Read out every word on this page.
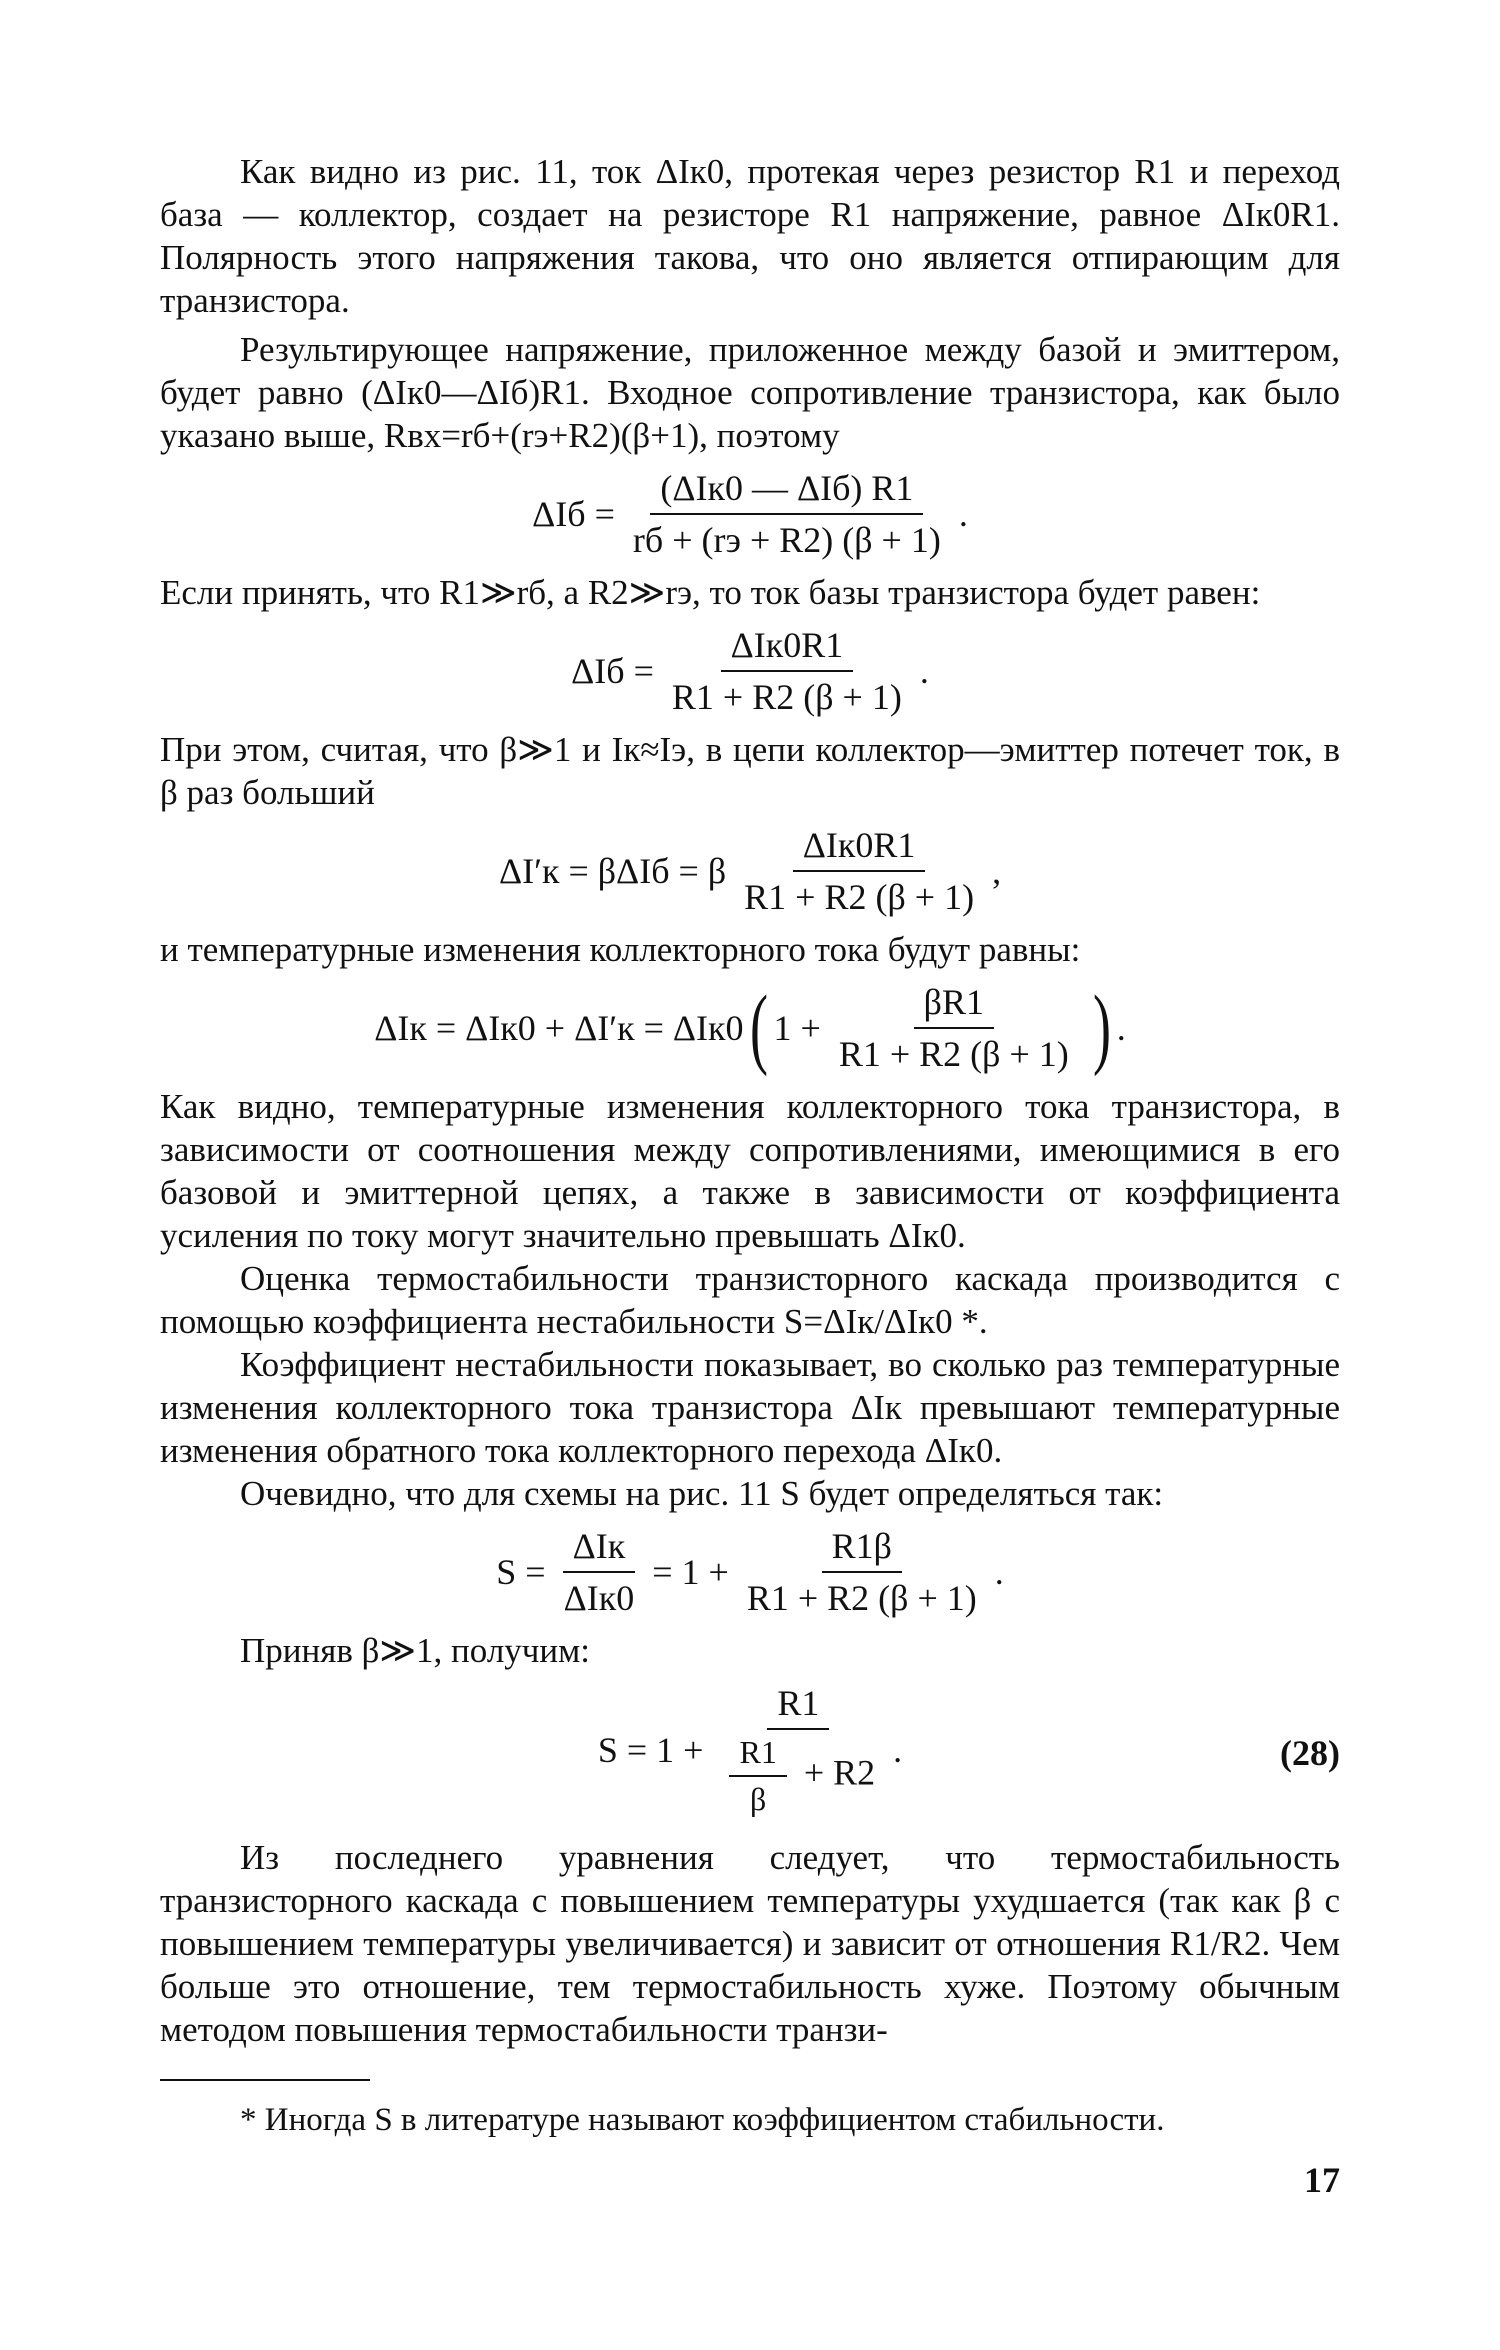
Как видно из рис. 11, ток ΔIк0, протекая через резистор R1 и переход база — коллектор, создает на резисторе R1 напряжение, равное ΔIк0R1. Полярность этого напряжения такова, что оно является отпирающим для транзистора.

Результирующее напряжение, приложенное между базой и эмиттером, будет равно (ΔIк0—ΔIб)R1. Входное сопротивление транзистора, как было указано выше, Rвх=rб+(rэ+R2)(β+1), поэтому

$\Delta Iб = \frac{\text{(ΔIк0 — ΔIб) R1}}{rб + (rэ + R2) (\beta + 1)}$ .

Если принять, что R1≫rб, а R2≫rэ, то ток базы транзистора будет равен:

$\Delta Iб = \frac{\text{ΔIк0R1}}{R1 + R2 (\beta + 1)}$ .

При этом, считая, что β≫1 и Iк≈Iэ, в цепи коллектор—эмиттер потечет ток, в β раз больший

ΔI′к = βΔIб = β $\frac{\text{ΔIк0R1}}{R1 + R2 (\beta + 1)}$ ,

и температурные изменения коллекторного тока будут равны:

ΔIк = ΔIк0 + ΔI′к = ΔIк0 ( $1 + \frac{\beta R1}{R1 + R2 (\beta + 1)}$ ) .

Как видно, температурные изменения коллекторного тока транзистора, в зависимости от соотношения между сопротивлениями, имеющимися в его базовой и эмиттерной цепях, а также в зависимости от коэффициента усиления по току могут значительно превышать ΔIк0.

Оценка термостабильности транзисторного каскада производится с помощью коэффициента нестабильности S=ΔIк/ΔIк0 *.

Коэффициент нестабильности показывает, во сколько раз температурные изменения коллекторного тока транзистора ΔIк превышают температурные изменения обратного тока коллекторного перехода ΔIк0.

Очевидно, что для схемы на рис. 11 S будет определяться так:

$S = \frac{\text{ΔIк}}{\text{ΔIк0}} = 1 + \frac{R1\beta}{R1 + R2 (\beta + 1)}$ .

Приняв β≫1, получим:

$S = 1 + \frac{R1}{\frac{R1}{\beta} + R2}$ .	(28)

Из последнего уравнения следует, что термостабильность транзисторного каскада с повышением температуры ухудшается (так как β с повышением температуры увеличивается) и зависит от отношения R1/R2. Чем больше это отношение, тем термостабильность хуже. Поэтому обычным методом повышения термостабильности транзи-

* Иногда S в литературе называют коэффициентом стабильности.

17
